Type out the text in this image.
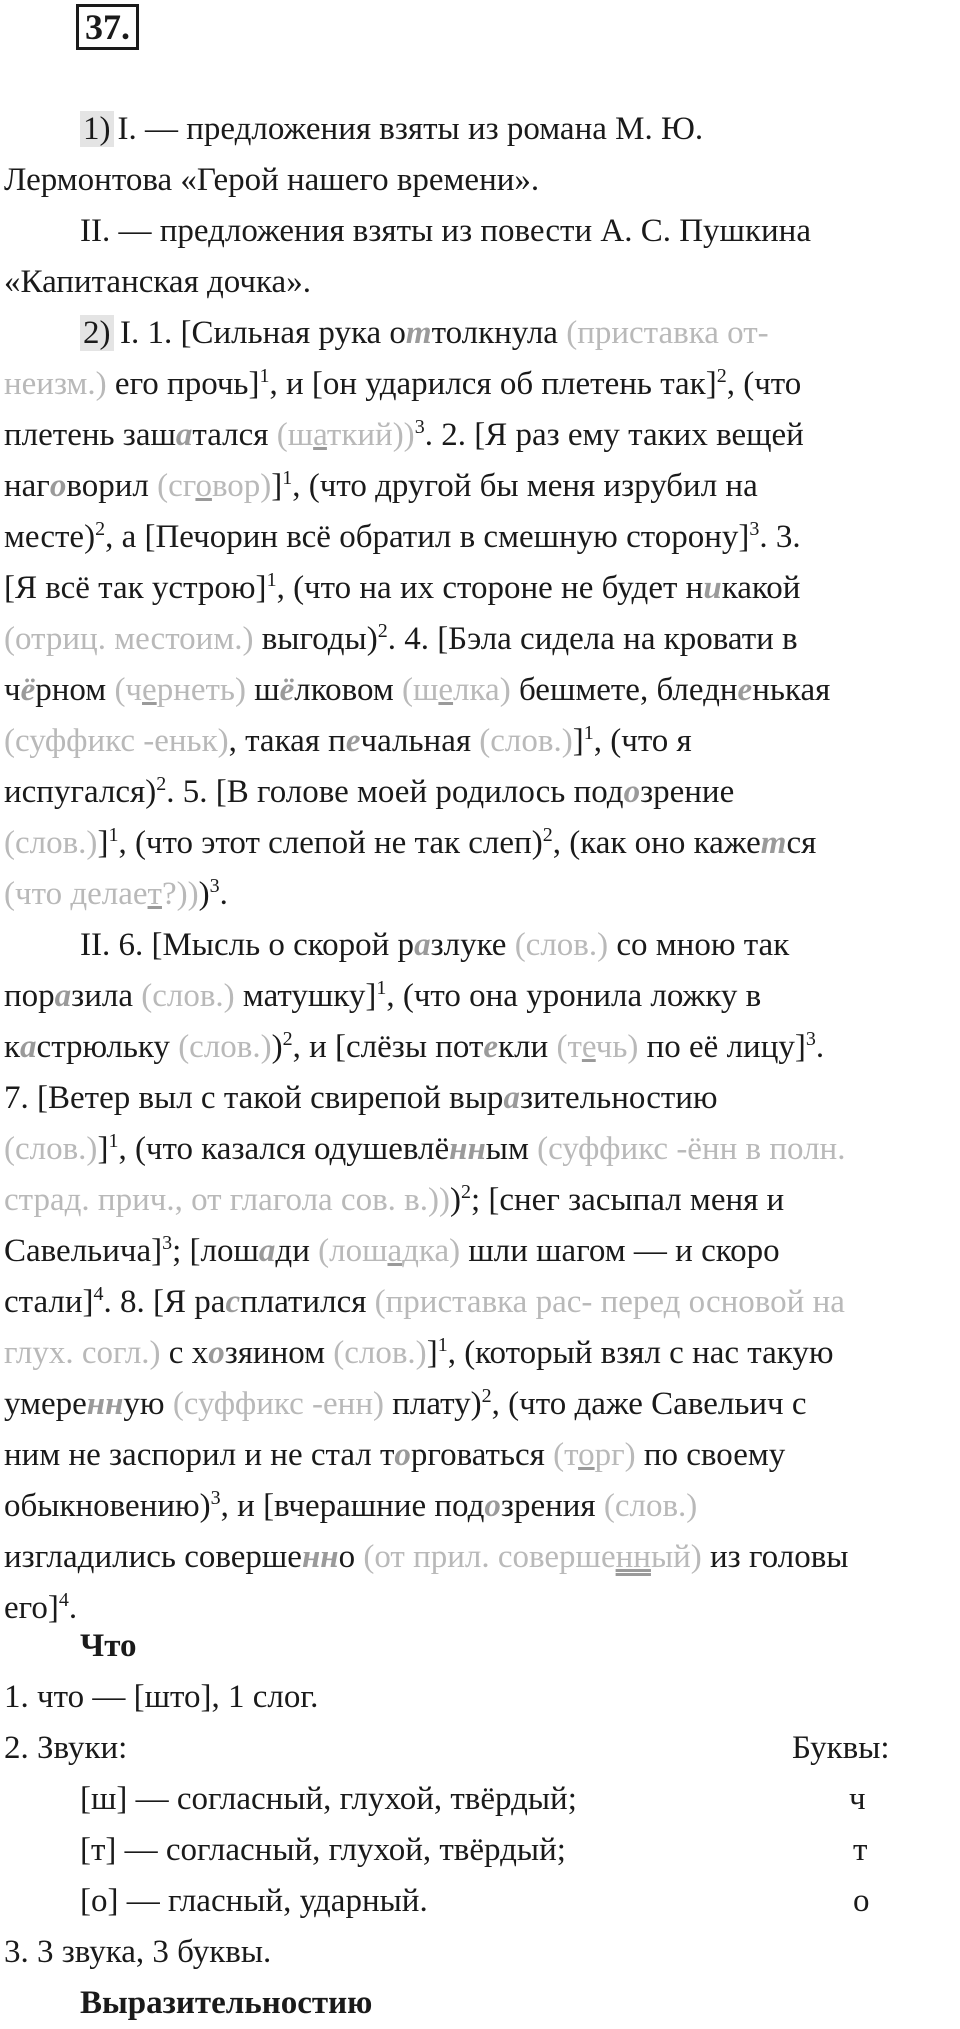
37.
1) I. — предложения взяты из романа М. Ю.
Лермонтова «Герой нашего времени».
II. — предложения взяты из повести А. С. Пушкина
«Капитанская дочка».
2) I. 1. [Сильная рука оттолкнула (приставка от-
неизм.) его прочь]$^1$, и [он ударился об плетень так]$^2$, (что
плетень зашатался (шаткий))$^3$. 2. [Я раз ему таких вещей
наговорил (сговор)]$^1$, (что другой бы меня изрубил на
месте)$^2$, а [Печорин всё обратил в смешную сторону]$^3$. 3.
[Я всё так устрою]$^1$, (что на их стороне не будет никакой
(отриц. местоим.) выгоды)$^2$. 4. [Бэла сидела на кровати в
чёрном (чернеть) шёлковом (шелка) бешмете, бледненькая
(суффикс -еньк), такая печальная (слов.)]$^1$, (что я
испугался)$^2$. 5. [В голове моей родилось подозрение
(слов.)]$^1$, (что этот слепой не так слеп)$^2$, (как оно кажется
(что делает?)))$^3$.
II. 6. [Мысль о скорой разлуке (слов.) со мною так
поразила (слов.) матушку]$^1$, (что она уронила ложку в
кастрюльку (слов.))$^2$, и [слёзы потекли (течь) по её лицу]$^3$.
7. [Ветер выл с такой свирепой выразительностию
(слов.)]$^1$, (что казался одушевлённым (суффикс -ённ в полн.
страд. прич., от глагола сов. в.)))$^2$; [снег засыпал меня и
Савельича]$^3$; [лошади (лошадка) шли шагом — и скоро
стали]$^4$. 8. [Я расплатился (приставка рас- перед основой на
глух. согл.) с хозяином (слов.)]$^1$, (который взял с нас такую
умеренную (суффикс -енн) плату)$^2$, (что даже Савельич с
ним не заспорил и не стал торговаться (торг) по своему
обыкновению)$^3$, и [вчерашние подозрения (слов.)
изгладились совершенно (от прил. совершенный) из головы
его]$^4$.
Что
1. что — [што], 1 слог.
2. Звуки:	Буквы:
[ш] — согласный, глухой, твёрдый;	ч
[т] — согласный, глухой, твёрдый;	т
[о] — гласный, ударный.	о
3. 3 звука, 3 буквы.
Выразительностию
